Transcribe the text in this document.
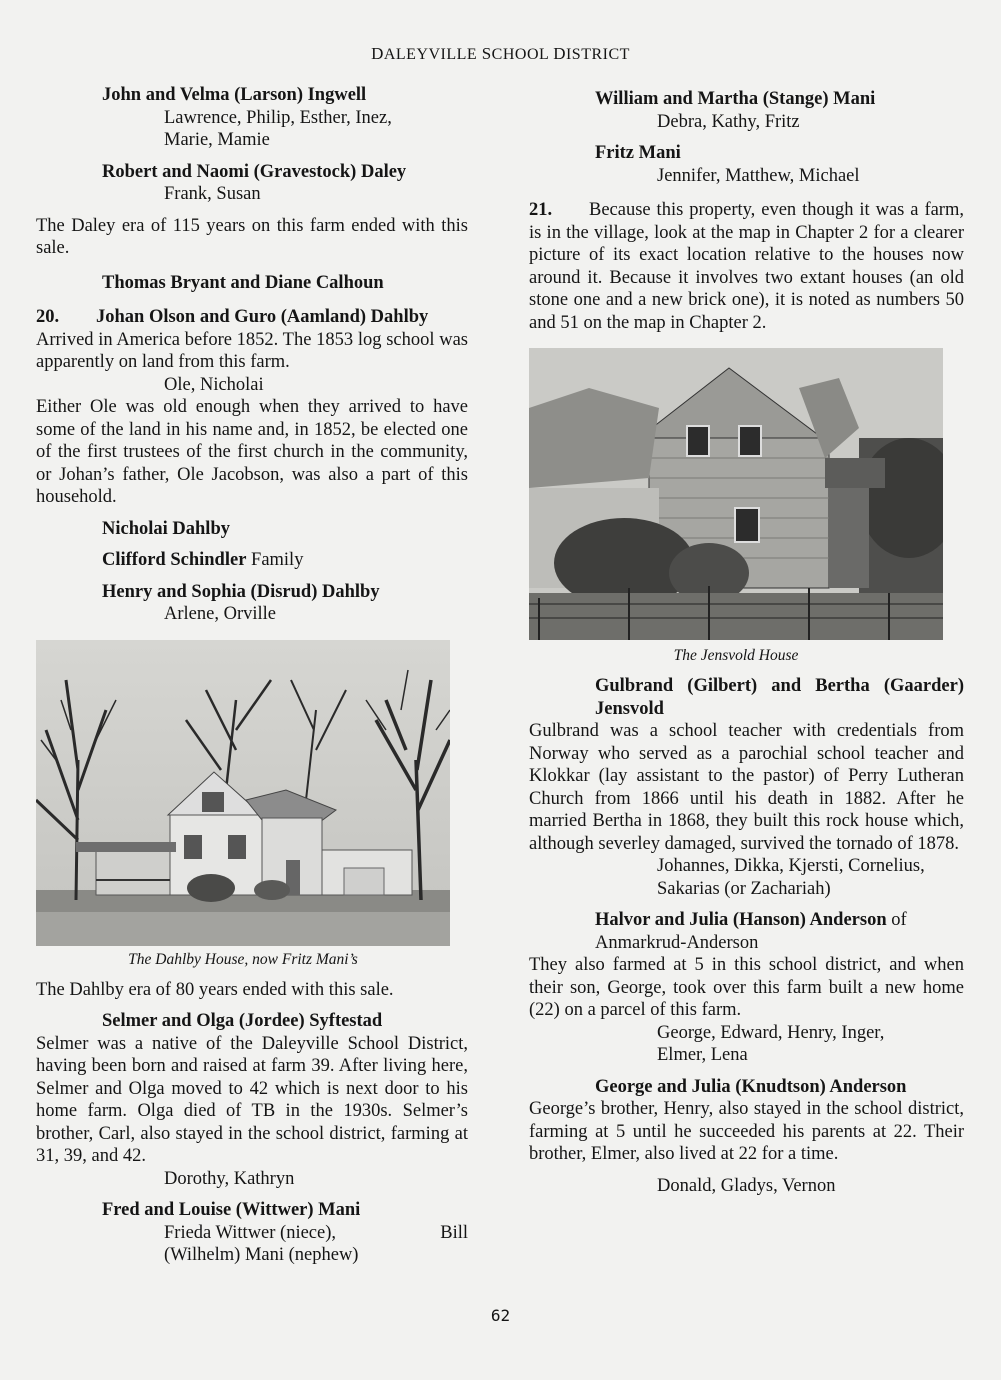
DALEYVILLE SCHOOL DISTRICT
John and Velma (Larson) Ingwell
Lawrence, Philip, Esther, Inez,
Marie, Mamie
Robert and Naomi (Gravestock) Daley
Frank, Susan
The Daley era of 115 years on this farm ended with this sale.
Thomas Bryant and Diane Calhoun
20. Johan Olson and Guro (Aamland) Dahlby
Arrived in America before 1852. The 1853 log school was apparently on land from this farm.
Ole, Nicholai
Either Ole was old enough when they arrived to have some of the land in his name and, in 1852, be elected one of the first trustees of the first church in the community, or Johan’s father, Ole Jacobson, was also a part of this household.
Nicholai Dahlby
Clifford Schindler Family
Henry and Sophia (Disrud) Dahlby
Arlene, Orville
The Dahlby House, now Fritz Mani’s
The Dahlby era of 80 years ended with this sale.
Selmer and Olga (Jordee) Syftestad
Selmer was a native of the Daleyville School District, having been born and raised at farm 39. After living here, Selmer and Olga moved to 42 which is next door to his home farm. Olga died of TB in the 1930s. Selmer’s brother, Carl, also stayed in the school district, farming at 31, 39, and 42.
Dorothy, Kathryn
Fred and Louise (Wittwer) Mani
Frieda Wittwer (niece),	Bill
(Wilhelm) Mani (nephew)
William and Martha (Stange) Mani
Debra, Kathy, Fritz
Fritz Mani
Jennifer, Matthew, Michael
21. Because this property, even though it was a farm, is in the village, look at the map in Chapter 2 for a clearer picture of its exact location relative to the houses now around it. Because it involves two extant houses (an old stone one and a new brick one), it is noted as numbers 50 and 51 on the map in Chapter 2.
The Jensvold House
Gulbrand (Gilbert) and Bertha (Gaarder) Jensvold
Gulbrand was a school teacher with credentials from Norway who served as a parochial school teacher and Klokkar (lay assistant to the pastor) of Perry Lutheran Church from 1866 until his death in 1882. After he married Bertha in 1868, they built this rock house which, although severley damaged, survived the tornado of 1878.
Johannes, Dikka, Kjersti, Cornelius,
Sakarias (or Zachariah)
Halvor and Julia (Hanson) Anderson of
Anmarkrud-Anderson
They also farmed at 5 in this school district, and when their son, George, took over this farm built a new home (22) on a parcel of this farm.
George, Edward, Henry, Inger,
Elmer, Lena
George and Julia (Knudtson) Anderson
George’s brother, Henry, also stayed in the school district, farming at 5 until he succeeded his parents at 22. Their brother, Elmer, also lived at 22 for a time.
Donald, Gladys, Vernon
62
